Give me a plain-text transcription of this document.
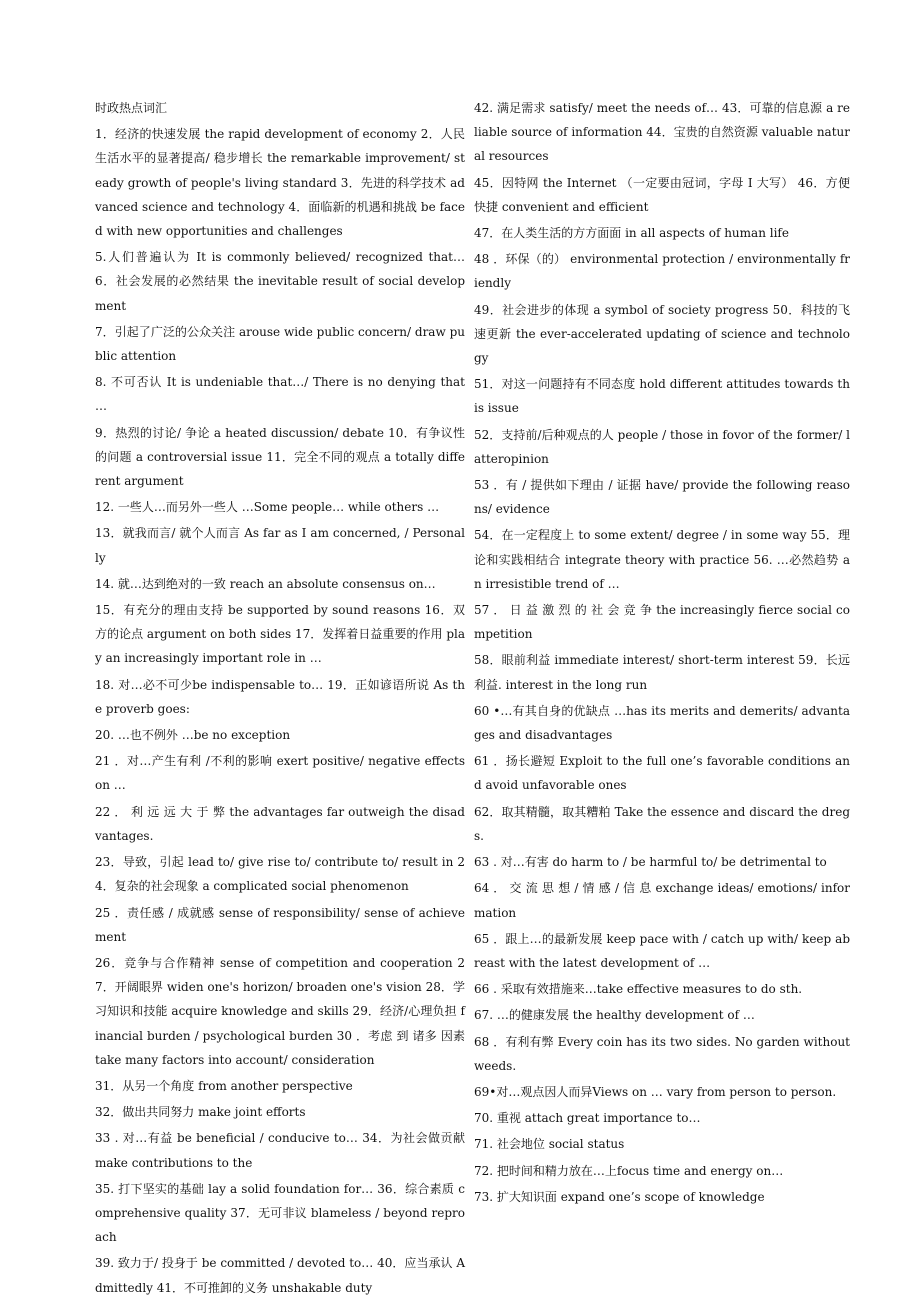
时政热点词汇
1．经济的快速发展 the rapid development of economy 2．人民生活水平的显著提高/ 稳步增长 the remarkable improvement/ steady growth of people's living standard 3．先进的科学技术 advanced science and technology 4．面临新的机遇和挑战 be faced with new opportunities and challenges
5.人们普遍认为 It is commonly believed/ recognized that… 6．社会发展的必然结果 the inevitable result of social development
7．引起了广泛的公众关注 arouse wide public concern/ draw public attention
8. 不可否认 It is undeniable that…/ There is no denying that …
9．热烈的讨论/ 争论 a heated discussion/ debate 10．有争议性的问题 a controversial issue 11．完全不同的观点 a totally different argument
12. 一些人…而另外一些人 …Some people… while others …
13．就我而言/ 就个人而言 As far as I am concerned, / Personally
14. 就…达到绝对的一致 reach an absolute consensus on…
15．有充分的理由支持 be supported by sound reasons 16．双方的论点 argument on both sides 17．发挥着日益重要的作用 play an increasingly important role in …
18. 对…必不可少be indispensable to… 19．正如谚语所说 As the proverb goes:
20. …也不例外 …be no exception
21 ．对…产生有利 /不利的影响 exert positive/ negative effects on …
22 ． 利 远 远 大 于 弊 the advantages far outweigh the disadvantages.
23．导致，引起 lead to/ give rise to/ contribute to/ result in 24．复杂的社会现象 a complicated social phenomenon
25 ．责任感 / 成就感 sense of responsibility/ sense of achievement
26．竞争与合作精神 sense of competition and cooperation 27．开阔眼界 widen one's horizon/ broaden one's vision 28．学习知识和技能 acquire knowledge and skills 29．经济/心理负担 financial burden / psychological burden 30 ．考虑 到 诸多 因素 take many factors into account/ consideration
31．从另一个角度 from another perspective
32．做出共同努力 make joint efforts
33 . 对…有益 be beneficial / conducive to… 34．为社会做贡献 make contributions to the
35. 打下坚实的基础 lay a solid foundation for… 36．综合素质 comprehensive quality 37．无可非议 blameless / beyond reproach
39. 致力于/ 投身于 be committed / devoted to… 40．应当承认 Admittedly 41．不可推卸的义务 unshakable duty
42. 满足需求 satisfy/ meet the needs of… 43．可靠的信息源 a reliable source of information 44．宝贵的自然资源 valuable natural resources
45．因特网 the Internet （一定要由冠词，字母 I 大写） 46．方便快捷 convenient and efficient
47．在人类生活的方方面面 in all aspects of human life
48 ．环保（的） environmental protection / environmentally friendly
49．社会进步的体现 a symbol of society progress 50．科技的飞速更新 the ever-accelerated updating of science and technology
51．对这一问题持有不同态度 hold different attitudes towards this issue
52．支持前/后种观点的人 people / those in fovor of the former/ latteropinion
53 ．有 / 提供如下理由 / 证据 have/ provide the following reasons/ evidence
54．在一定程度上 to some extent/ degree / in some way 55．理论和实践相结合 integrate theory with practice 56. …必然趋势 an irresistible trend of …
57 ． 日 益 激 烈 的 社 会 竞 争 the increasingly fierce social competition
58．眼前利益 immediate interest/ short-term interest 59．长远利益. interest in the long run
60 •…有其自身的优缺点 …has its merits and demerits/ advantages and disadvantages
61 ．扬长避短 Exploit to the full one’s favorable conditions and avoid unfavorable ones
62．取其精髓，取其糟粕 Take the essence and discard the dregs.
63 . 对…有害 do harm to / be harmful to/ be detrimental to
64 ． 交 流 思 想 / 情 感 / 信 息 exchange ideas/ emotions/ information
65 ．跟上…的最新发展 keep pace with / catch up with/ keep abreast with the latest development of …
66 . 采取有效措施来…take effective measures to do sth.
67. …的健康发展 the healthy development of …
68 ．有利有弊 Every coin has its two sides. No garden without weeds.
69•对…观点因人而异Views on … vary from person to person.
70. 重视 attach great importance to…
71. 社会地位 social status
72. 把时间和精力放在…上focus time and energy on…
73. 扩大知识面 expand one’s scope of knowledge
